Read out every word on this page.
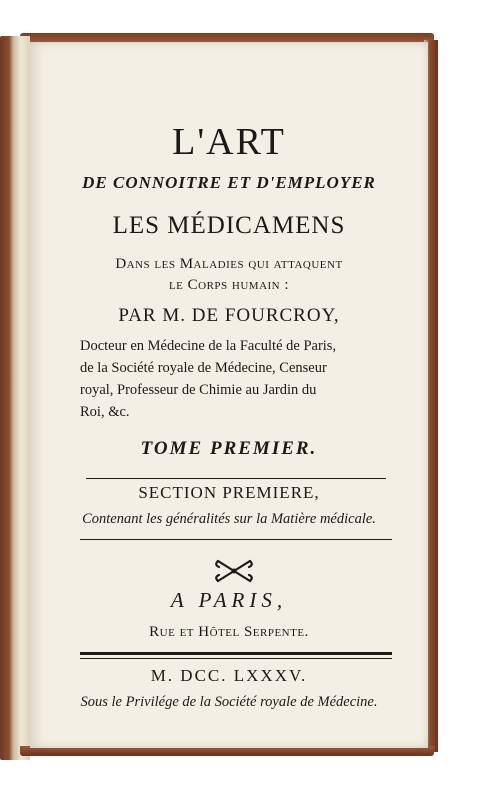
L'ART
DE CONNOITRE ET D'EMPLOYER
LES MÉDICAMENS
Dans les Maladies qui attaquent
le Corps humain :
PAR M. DE FOURCROY,
Docteur en Médecine de la Faculté de Paris,
de la Société royale de Médecine, Censeur
royal, Professeur de Chimie au Jardin du
Roi, &c.
TOME PREMIER.
SECTION PREMIERE,
Contenant les généralités sur la Matière médicale.
A PARIS,
Rue et Hôtel Serpente.
M. DCC. LXXXV.
Sous le Privilége de la Société royale de Médecine.
